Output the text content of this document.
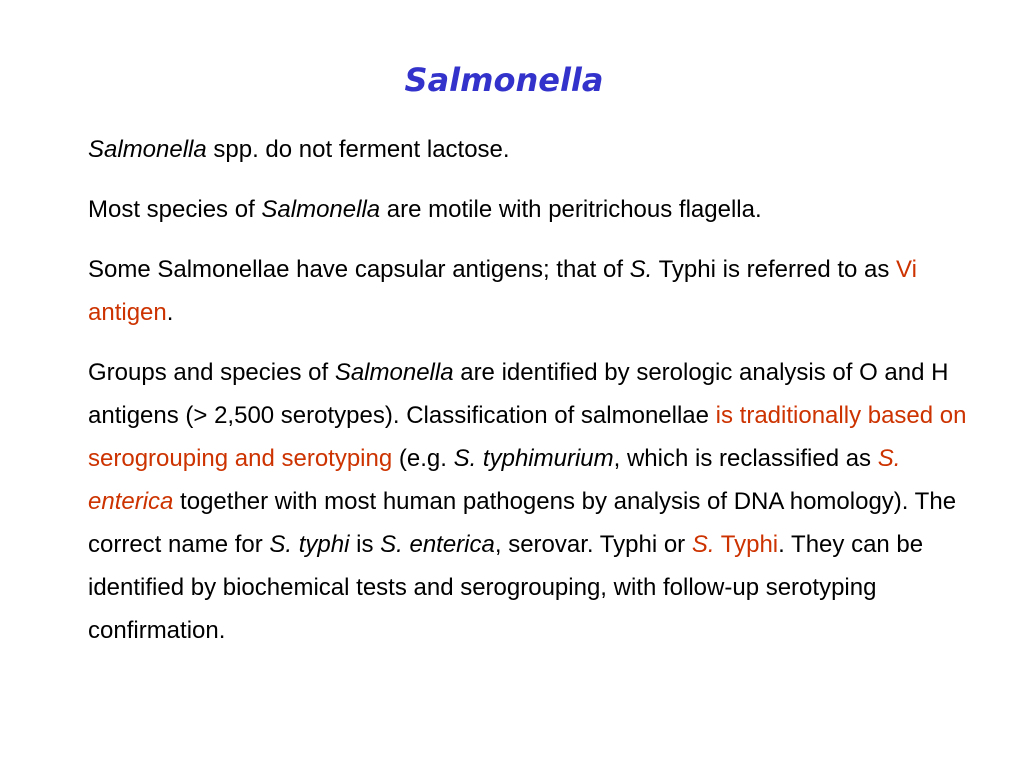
Salmonella

Salmonella spp. do not ferment lactose.

Most species of Salmonella are motile with peritrichous flagella.

Some Salmonellae have capsular antigens; that of S. Typhi is referred to as Vi antigen.

Groups and species of Salmonella are identified by serologic analysis of O and H antigens (> 2,500 serotypes). Classification of salmonellae is traditionally based on serogrouping and serotyping (e.g. S. typhimurium, which is reclassified as S. enterica together with most human pathogens by analysis of DNA homology). The correct name for S. typhi is S. enterica, serovar. Typhi or S. Typhi. They can be identified by biochemical tests and serogrouping, with follow-up serotyping confirmation.
